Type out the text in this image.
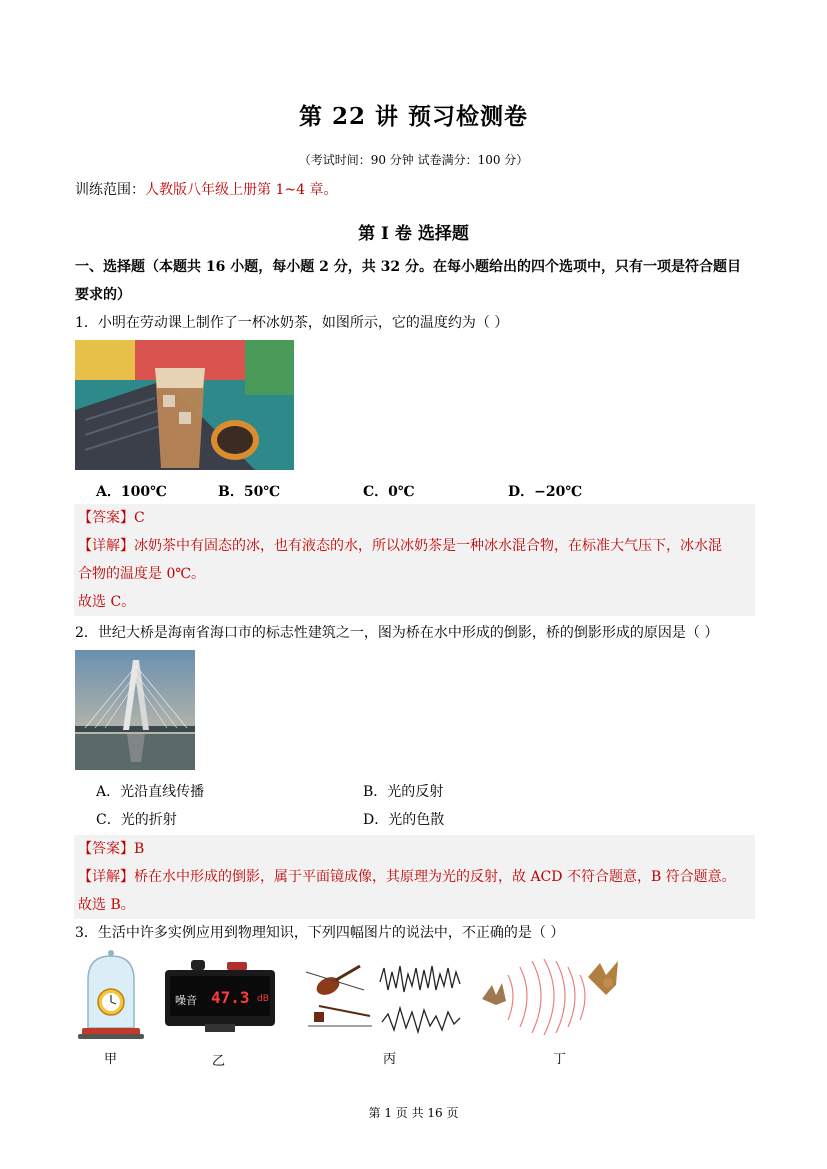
第 22 讲 预习检测卷
（考试时间：90 分钟 试卷满分：100 分）
训练范围：人教版八年级上册第 1~4 章。
第 I 卷 选择题
一、选择题（本题共 16 小题，每小题 2 分，共 32 分。在每小题给出的四个选项中，只有一项是符合题目
要求的）
1．小明在劳动课上制作了一杯冰奶茶，如图所示，它的温度约为（ ）
A．100℃	B．50℃	C．0℃	D．−20℃
【答案】C
【详解】冰奶茶中有固态的冰，也有液态的水，所以冰奶茶是一种冰水混合物，在标准大气压下，冰水混
合物的温度是 0℃。
故选 C。
2．世纪大桥是海南省海口市的标志性建筑之一，图为桥在水中形成的倒影，桥的倒影形成的原因是（ ）
A．光沿直线传播	B．光的反射
C．光的折射	D．光的色散
【答案】B
【详解】桥在水中形成的倒影，属于平面镜成像，其原理为光的反射，故 ACD 不符合题意，B 符合题意。
故选 B。
3．生活中许多实例应用到物理知识，下列四幅图片的说法中，不正确的是（ ）
甲
噪音 47.3 dB
乙	丙	丁
第 1 页 共 16 页
